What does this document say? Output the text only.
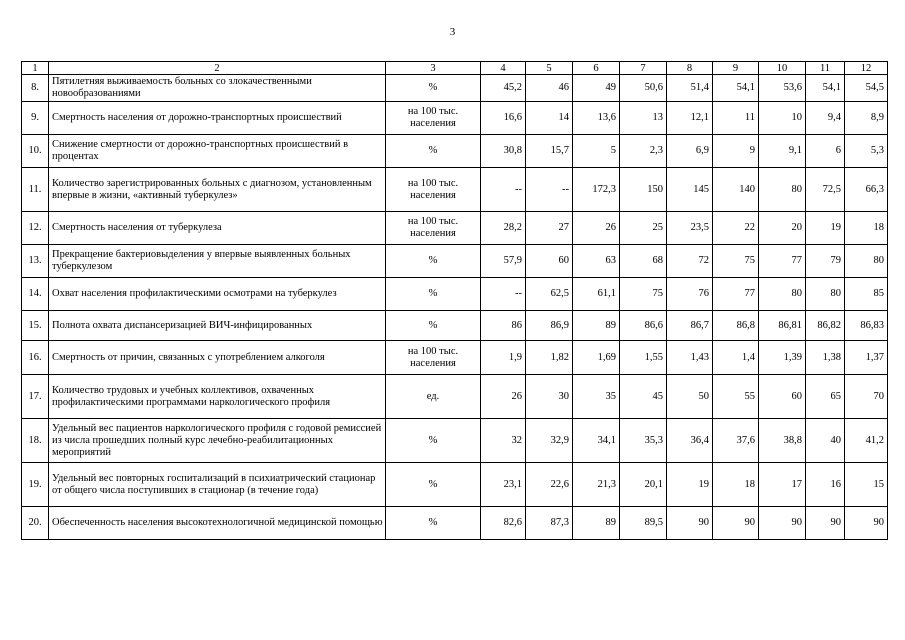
3
1	2	3	4	5	6	7	8	9	10	11	12
8.	Пятилетняя выживаемость больных со злокачественными новообразованиями	%	45,2	46	49	50,6	51,4	54,1	53,6	54,1	54,5
9.	Смертность населения от дорожно-транспортных происшествий	на 100 тыс. населения	16,6	14	13,6	13	12,1	11	10	9,4	8,9
10.	Снижение смертности от дорожно-транспортных происшествий в процентах	%	30,8	15,7	5	2,3	6,9	9	9,1	6	5,3
11.	Количество зарегистрированных больных с диагнозом, установленным впервые в жизни, «активный туберкулез»	на 100 тыс. населения	--	--	172,3	150	145	140	80	72,5	66,3
12.	Смертность населения от туберкулеза	на 100 тыс. населения	28,2	27	26	25	23,5	22	20	19	18
13.	Прекращение бактериовыделения у впервые выявленных больных туберкулезом	%	57,9	60	63	68	72	75	77	79	80
14.	Охват населения профилактическими осмотрами на туберкулез	%	--	62,5	61,1	75	76	77	80	80	85
15.	Полнота охвата диспансеризацией ВИЧ-инфицированных	%	86	86,9	89	86,6	86,7	86,8	86,81	86,82	86,83
16.	Смертность от причин, связанных с употреблением алкоголя	на 100 тыс. населения	1,9	1,82	1,69	1,55	1,43	1,4	1,39	1,38	1,37
17.	Количество трудовых и учебных коллективов, охваченных профилактическими программами наркологического профиля	ед.	26	30	35	45	50	55	60	65	70
18.	Удельный вес пациентов наркологического профиля с годовой ремиссией из числа прошедших полный курс лечебно-реабилитационных мероприятий	%	32	32,9	34,1	35,3	36,4	37,6	38,8	40	41,2
19.	Удельный вес повторных госпитализаций в психиатрический стационар от общего числа поступивших в стационар (в течение года)	%	23,1	22,6	21,3	20,1	19	18	17	16	15
20.	Обеспеченность населения высокотехнологичной медицинской помощью	%	82,6	87,3	89	89,5	90	90	90	90	90
